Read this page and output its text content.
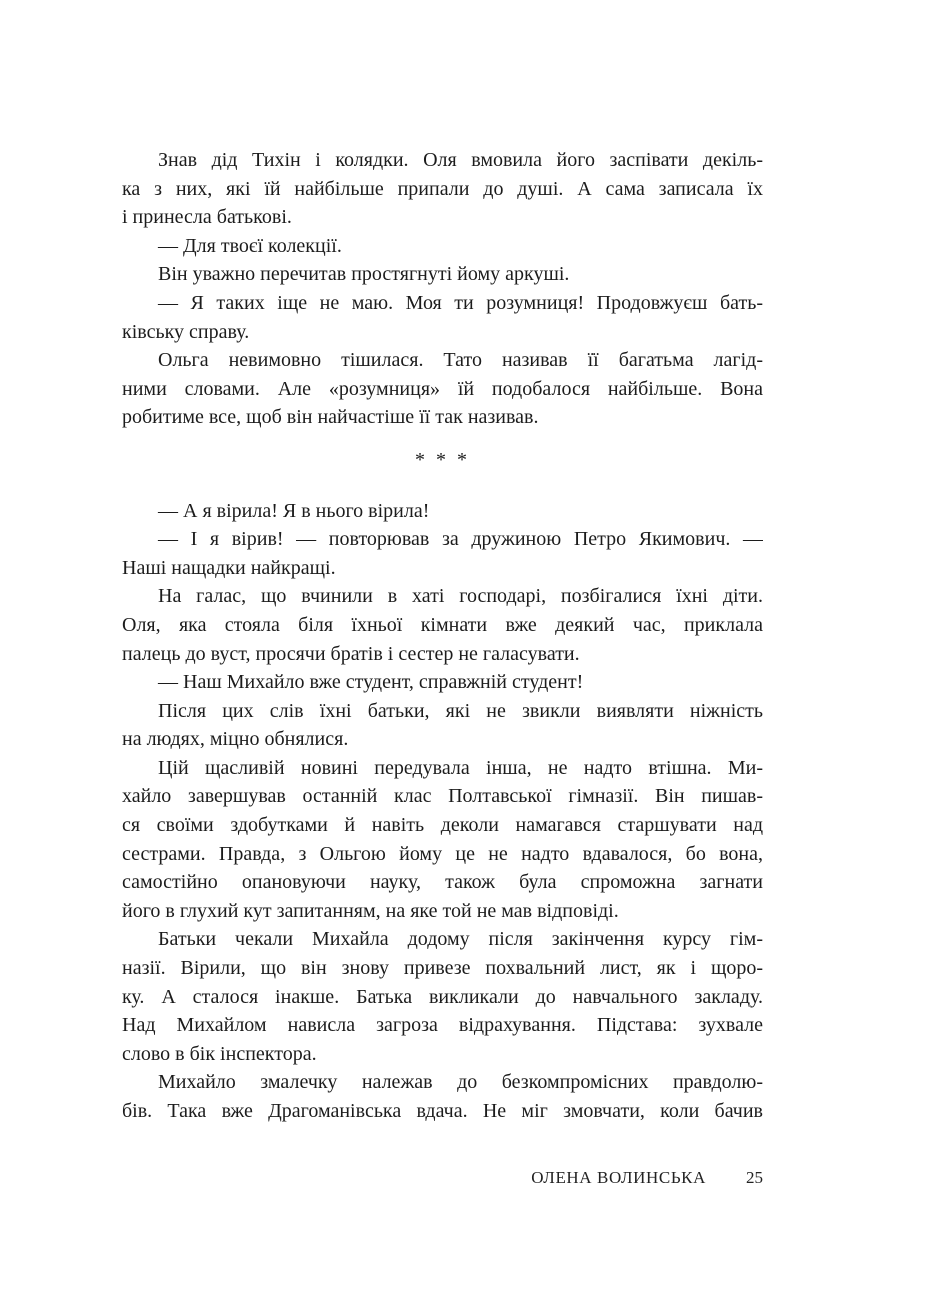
Знав дід Тихін і колядки. Оля вмовила його заспівати декіль-
ка з них, які їй найбільше припали до душі. А сама записала їх
і принесла батькові.
— Для твоєї колекції.
Він уважно перечитав простягнуті йому аркуші.
— Я таких іще не маю. Моя ти розумниця! Продовжуєш бать-
ківську справу.
Ольга невимовно тішилася. Тато називав її багатьма лагід-
ними словами. Але «розумниця» їй подобалося найбільше. Вона
робитиме все, щоб він найчастіше її так називав.
* * *
— А я вірила! Я в нього вірила!
— І я вірив! — повторював за дружиною Петро Якимович. —
Наші нащадки найкращі.
На галас, що вчинили в хаті господарі, позбігалися їхні діти.
Оля, яка стояла біля їхньої кімнати вже деякий час, приклала
палець до вуст, просячи братів і сестер не галасувати.
— Наш Михайло вже студент, справжній студент!
Після цих слів їхні батьки, які не звикли виявляти ніжність
на людях, міцно обнялися.
Цій щасливій новині передувала інша, не надто втішна. Ми-
хайло завершував останній клас Полтавської гімназії. Він пишав-
ся своїми здобутками й навіть деколи намагався старшувати над
сестрами. Правда, з Ольгою йому це не надто вдавалося, бо вона,
самостійно опановуючи науку, також була спроможна загнати
його в глухий кут запитанням, на яке той не мав відповіді.
Батьки чекали Михайла додому після закінчення курсу гім-
назії. Вірили, що він знову привезе похвальний лист, як і щоро-
ку. А сталося інакше. Батька викликали до навчального закладу.
Над Михайлом нависла загроза відрахування. Підстава: зухвале
слово в бік інспектора.
Михайло змалечку належав до безкомпромісних правдолю-
бів. Така вже Драгоманівська вдача. Не міг змовчати, коли бачив
ОЛЕНА ВОЛИНСЬКА 25
